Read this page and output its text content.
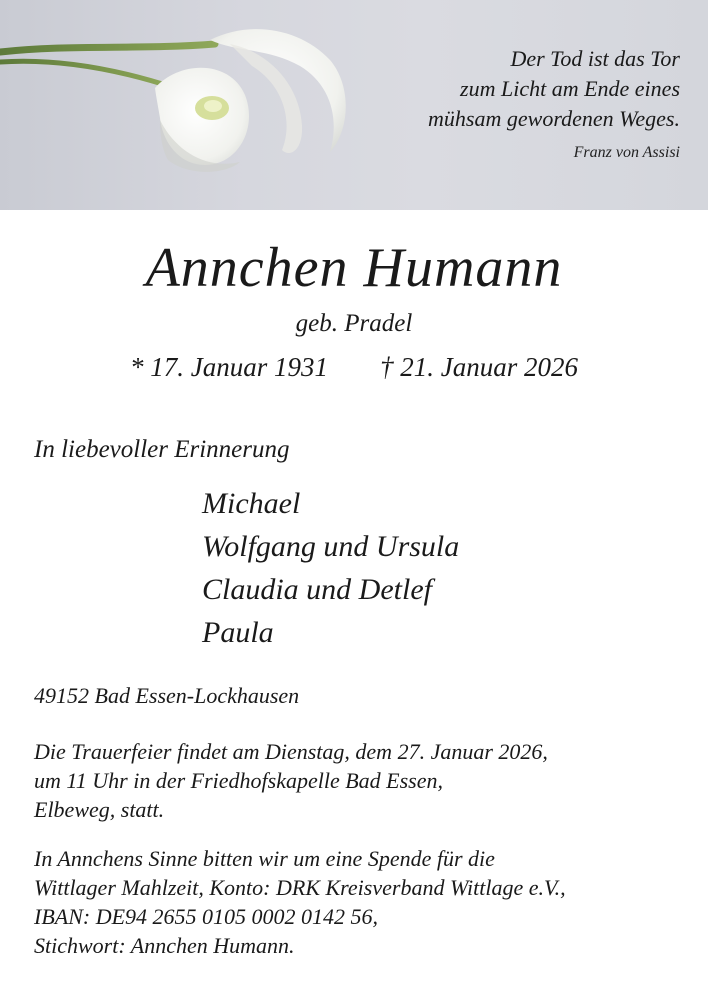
Der Tod ist das Tor
zum Licht am Ende eines
mühsam gewordenen Weges.
Franz von Assisi
Annchen Humann
geb. Pradel
* 17. Januar 1931 † 21. Januar 2026
In liebevoller Erinnerung
Michael
Wolfgang und Ursula
Claudia und Detlef
Paula
49152 Bad Essen-Lockhausen
Die Trauerfeier findet am Dienstag, dem 27. Januar 2026,
um 11 Uhr in der Friedhofskapelle Bad Essen,
Elbeweg, statt.
In Annchens Sinne bitten wir um eine Spende für die
Wittlager Mahlzeit, Konto: DRK Kreisverband Wittlage e.V.,
IBAN: DE94 2655 0105 0002 0142 56,
Stichwort: Annchen Humann.
